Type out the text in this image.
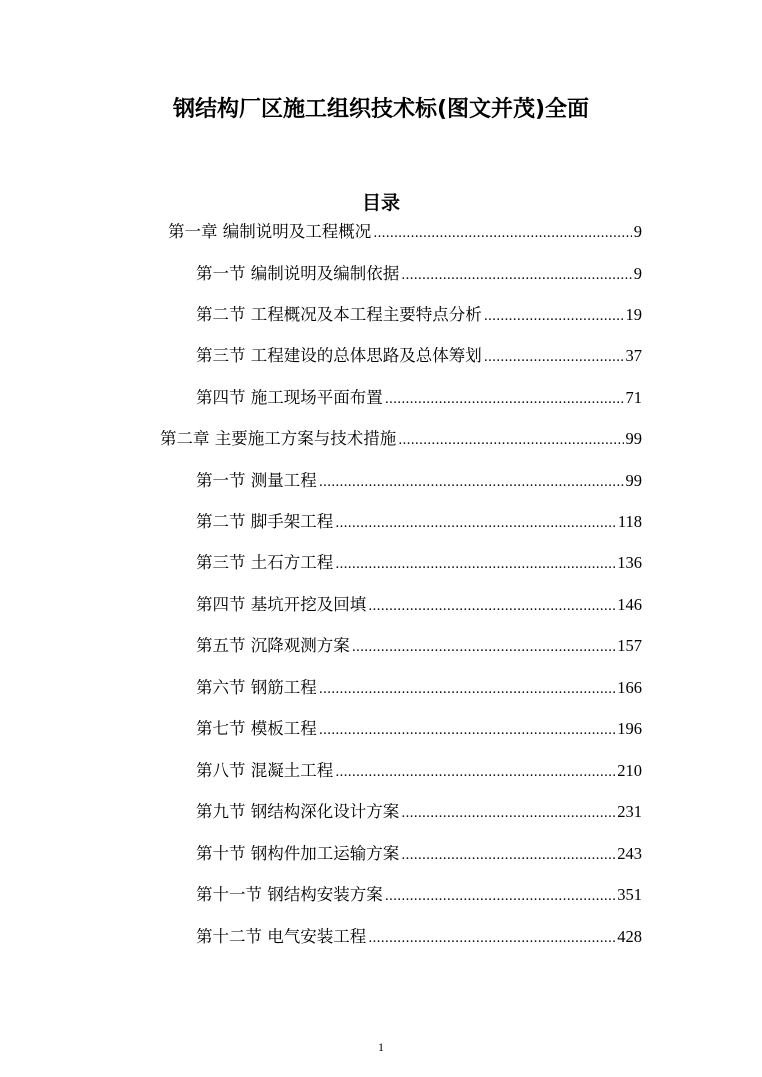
钢结构厂区施工组织技术标(图文并茂)全面
目录
第一章 编制说明及工程概况 .....	9
第一节 编制说明及编制依据 .....	9
第二节 工程概况及本工程主要特点分析 .....	19
第三节 工程建设的总体思路及总体筹划 .....	37
第四节 施工现场平面布置 .....	71
第二章 主要施工方案与技术措施 .....	99
第一节 测量工程 .....	99
第二节 脚手架工程 .....	118
第三节 土石方工程 .....	136
第四节 基坑开挖及回填 .....	146
第五节 沉降观测方案 .....	157
第六节 钢筋工程 .....	166
第七节 模板工程 .....	196
第八节 混凝土工程 .....	210
第九节 钢结构深化设计方案 .....	231
第十节 钢构件加工运输方案 .....	243
第十一节 钢结构安装方案 .....	351
第十二节 电气安装工程 .....	428
1
